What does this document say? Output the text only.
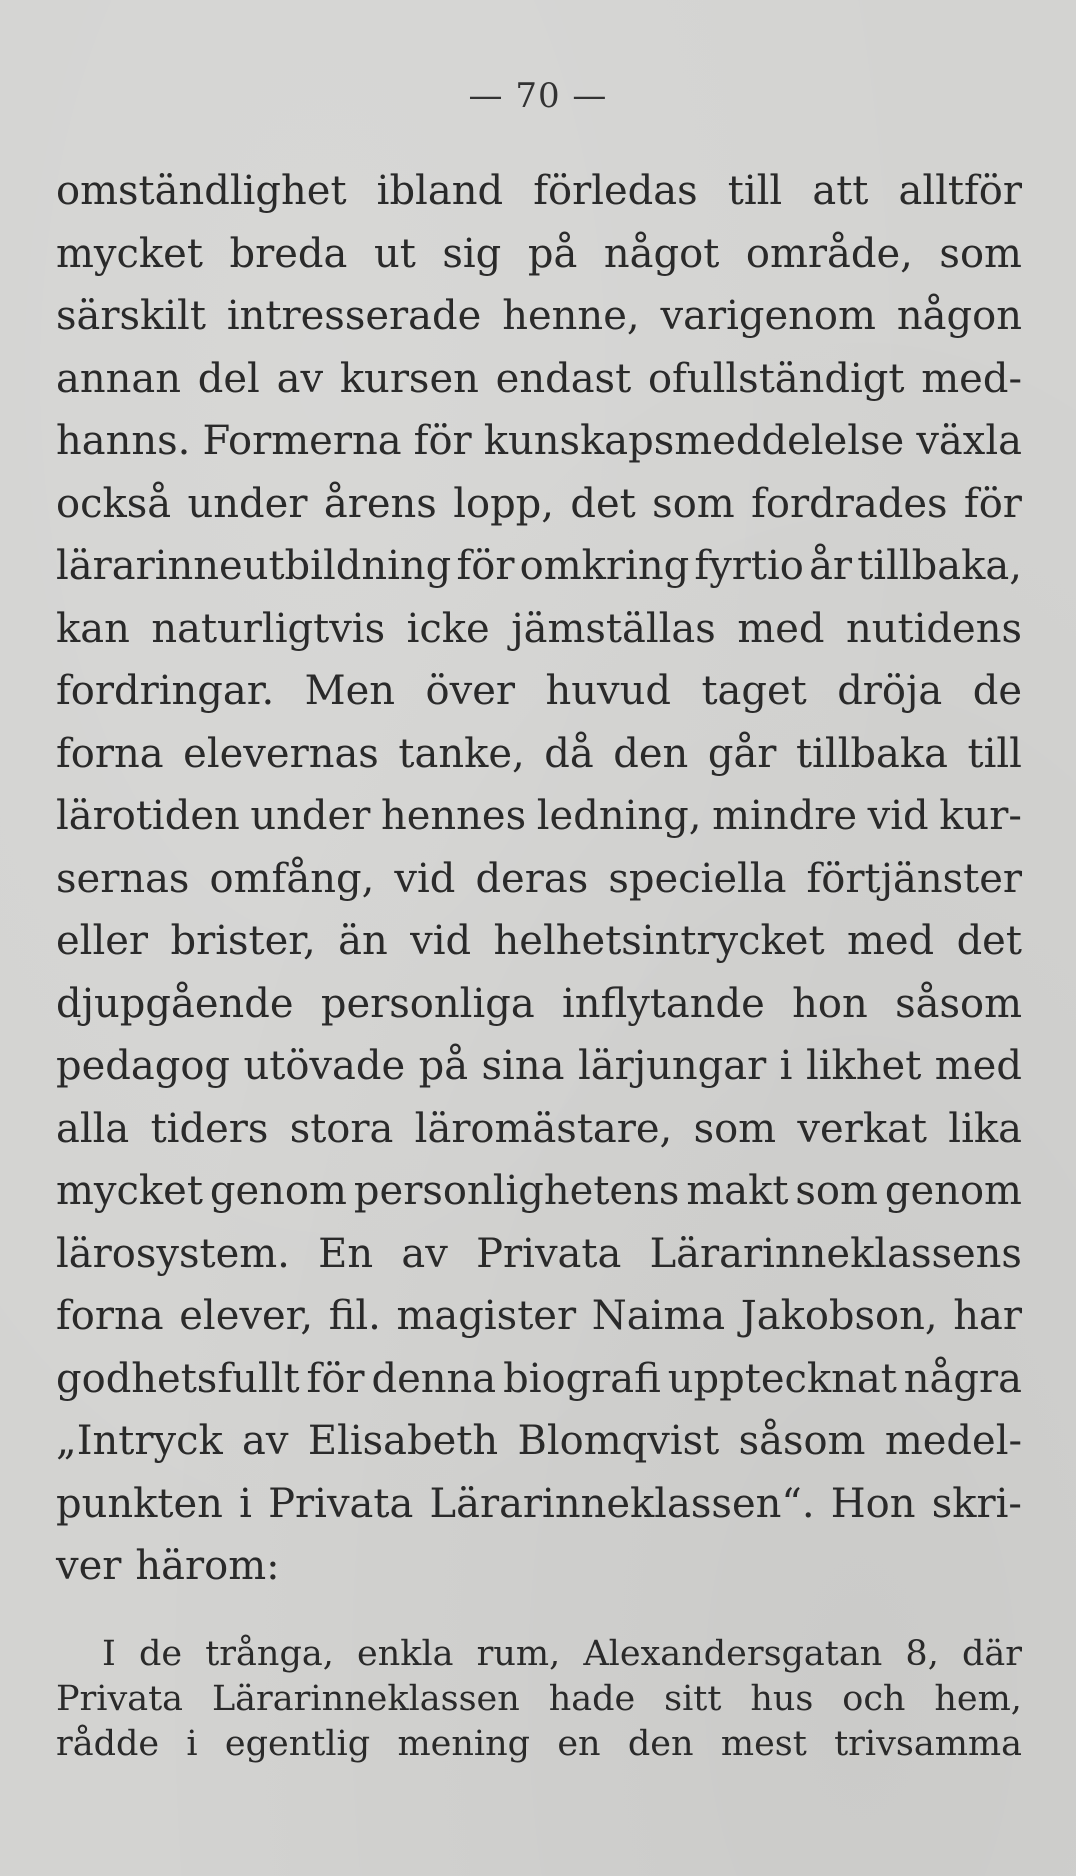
— 70 —
omständlighet ibland förledas till att alltför
mycket breda ut sig på något område, som
särskilt intresserade henne, varigenom någon
annan del av kursen endast ofullständigt med-
hanns. Formerna för kunskapsmeddelelse växla
också under årens lopp, det som fordrades för
lärarinneutbildning för omkring fyrtio år tillbaka,
kan naturligtvis icke jämställas med nutidens
fordringar. Men över huvud taget dröja de
forna elevernas tanke, då den går tillbaka till
lärotiden under hennes ledning, mindre vid kur-
sernas omfång, vid deras speciella förtjänster
eller brister, än vid helhetsintrycket med det
djupgående personliga inflytande hon såsom
pedagog utövade på sina lärjungar i likhet med
alla tiders stora läromästare, som verkat lika
mycket genom personlighetens makt som genom
lärosystem. En av Privata Lärarinneklassens
forna elever, fil. magister Naima Jakobson, har
godhetsfullt för denna biografi upptecknat några
„Intryck av Elisabeth Blomqvist såsom medel-
punkten i Privata Lärarinneklassen“. Hon skri-
ver härom:
I de trånga, enkla rum, Alexandersgatan 8, där
Privata Lärarinneklassen hade sitt hus och hem,
rådde i egentlig mening en den mest trivsamma
